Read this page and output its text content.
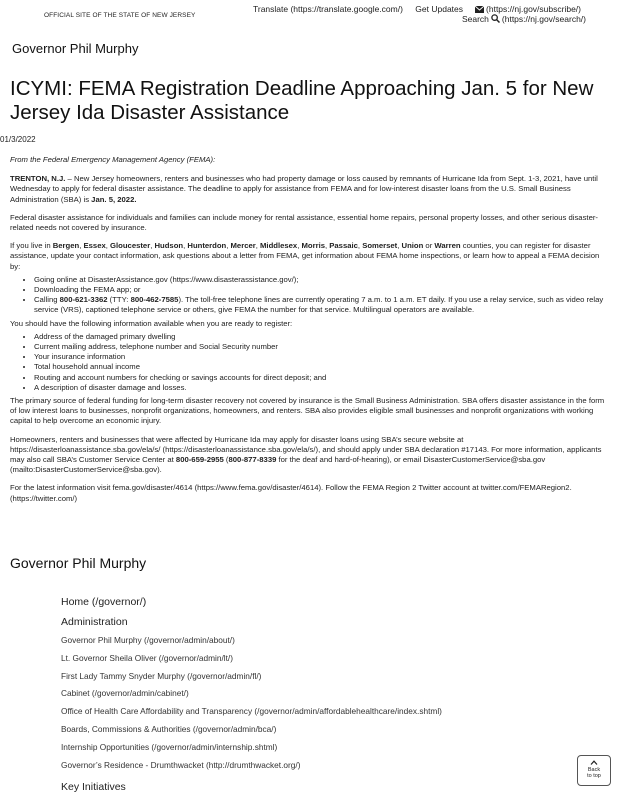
OFFICIAL SITE OF THE STATE OF NEW JERSEY
Translate (https://translate.google.com/) Get Updates	(https://nj.gov/subscribe/)
Search (https://nj.gov/search/)
Governor Phil Murphy
ICYMI: FEMA Registration Deadline Approaching Jan. 5 for New Jersey Ida Disaster Assistance
01/3/2022

From the Federal Emergency Management Agency (FEMA):

TRENTON, N.J. – New Jersey homeowners, renters and businesses who had property damage or loss caused by remnants of Hurricane Ida from Sept. 1-3, 2021, have until Wednesday to apply for federal disaster assistance. The deadline to apply for assistance from FEMA and for low-interest disaster loans from the U.S. Small Business Administration (SBA) is Jan. 5, 2022.

Federal disaster assistance for individuals and families can include money for rental assistance, essential home repairs, personal property losses, and other serious disaster-related needs not covered by insurance.

If you live in Bergen, Essex, Gloucester, Hudson, Hunterdon, Mercer, Middlesex, Morris, Passaic, Somerset, Union or Warren counties, you can register for disaster assistance, update your contact information, ask questions about a letter from FEMA, get information about FEMA home inspections, or learn how to appeal a FEMA decision by:

• Going online at DisasterAssistance.gov (https://www.disasterassistance.gov/);
• Downloading the FEMA app; or
• Calling 800-621-3362 (TTY: 800-462-7585). The toll-free telephone lines are currently operating 7 a.m. to 1 a.m. ET daily. If you use a relay service, such as video relay service (VRS), captioned telephone service or others, give FEMA the number for that service. Multilingual operators are available.

You should have the following information available when you are ready to register:

• Address of the damaged primary dwelling
• Current mailing address, telephone number and Social Security number
• Your insurance information
• Total household annual income
• Routing and account numbers for checking or savings accounts for direct deposit; and
• A description of disaster damage and losses.

The primary source of federal funding for long-term disaster recovery not covered by insurance is the Small Business Administration. SBA offers disaster assistance in the form of low interest loans to businesses, nonprofit organizations, homeowners, and renters. SBA also provides eligible small businesses and nonprofit organizations with working capital to help overcome an economic injury.

Homeowners, renters and businesses that were affected by Hurricane Ida may apply for disaster loans using SBA’s secure website at https://disasterloanassistance.sba.gov/ela/s/ (https://disasterloanassistance.sba.gov/ela/s/), and should apply under SBA declaration #17143. For more information, applicants may also call SBA’s Customer Service Center at 800-659-2955 (800-877-8339 for the deaf and hard-of-hearing), or email DisasterCustomerService@sba.gov (mailto:DisasterCustomerService@sba.gov).

For the latest information visit fema.gov/disaster/4614 (https://www.fema.gov/disaster/4614). Follow the FEMA Region 2 Twitter account at twitter.com/FEMARegion2. (https://twitter.com/)

Governor Phil Murphy
Home (/governor/)
Administration
Governor Phil Murphy (/governor/admin/about/)
Lt. Governor Sheila Oliver (/governor/admin/lt/)
First Lady Tammy Snyder Murphy (/governor/admin/fl/)
Cabinet (/governor/admin/cabinet/)
Office of Health Care Affordability and Transparency (/governor/admin/affordablehealthcare/index.shtml)
Boards, Commissions & Authorities (/governor/admin/bca/)
Internship Opportunities (/governor/admin/internship.shtml)
Governor’s Residence - Drumthwacket (http://drumthwacket.org/)
Key Initiatives
Back
to top
